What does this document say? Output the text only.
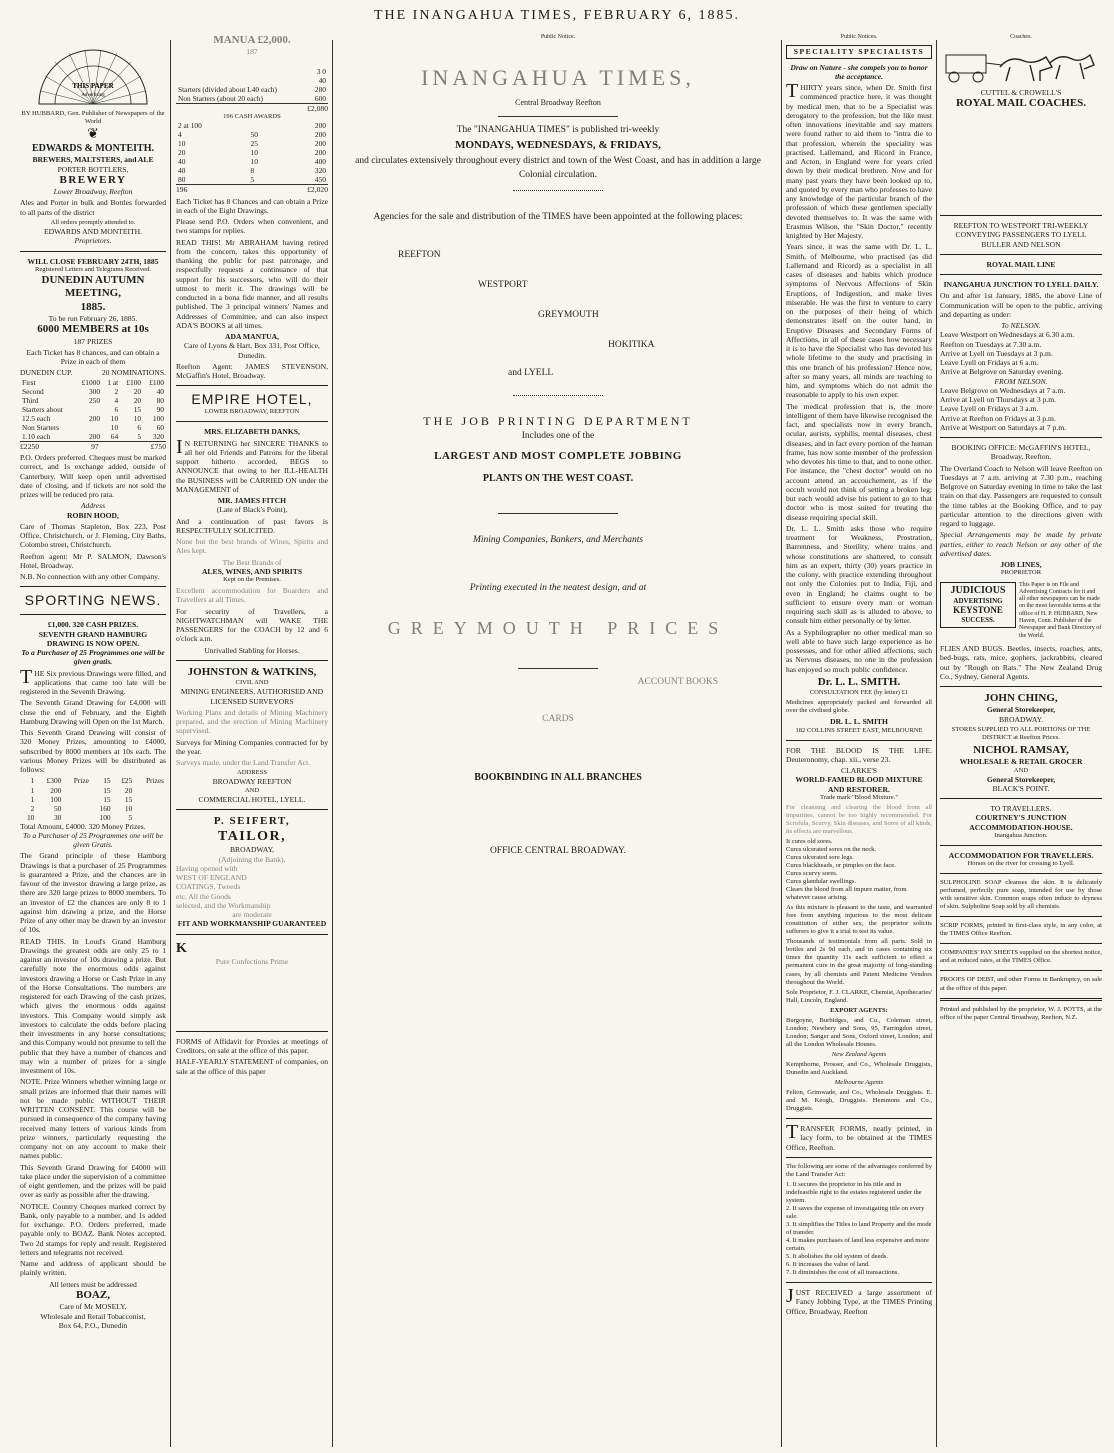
THE INANGAHUA TIMES, FEBRUARY 6, 1885.
THIS PAPER
Advertising
BY HUBBARD, Gen. Publisher of Newspapers of the World
❦
EDWARDS & MONTEITH.
BREWERS, MALTSTERS, and ALE
PORTER BOTTLERS,
BREWERY
Lower Broadway, Reefton

Ales and Porter in bulk and Bottles forwarded to all parts of the district

All orders promptly attended to.
EDWARDS AND MONTEITH.
Proprietors.
WILL CLOSE FEBRUARY 24TH, 1885
Registered Letters and Telegrams Received.
DUNEDIN AUTUMN MEETING,
1885.
To be run February 26, 1885.
6000 MEMBERS at 10s
187 PRIZES

Each Ticket has 8 chances, and can obtain a Prize in each of them

DUNEDIN CUP.	20 NOMINATIONS.
First	£1000	1 at	£100	£100
Second	300	2	20	40
Third	250	4	20	80
Starters about		6	15	90
12.5 each	200	10	10	100
Non Starters		10	6	60
1.10 each	200	64	5	320
£2250	97	£750

P.O. Orders preferred. Cheques must be marked correct, and 1s exchange added, outside of Canterbury. Will keep open until advertised date of closing, and if tickets are not sold the prizes will be reduced pro rata.

Address
ROBIN HOOD,

Care of Thomas Stapleton, Box 223, Post Office, Christchurch, or J. Fleming, City Baths, Colombo street, Christchurch.

Reefton agent: Mr P. SALMON, Dawson's Hotel, Broadway.

N.B. No connection with any other Company.

SPORTING NEWS.
£1,000. 320 CASH PRIZES.
SEVENTH GRAND HAMBURG DRAWING IS NOW OPEN.
To a Purchaser of 25 Programmes one will be given gratis.

THE Six previous Drawings were filled, and applications that came too late will be registered in the Seventh Drawing.

The Seventh Grand Drawing for £4,000 will close the end of February, and the Eighth Hamburg Drawing will Open on the 1st March.

This Seventh Grand Drawing will consist of 320 Money Prizes, amounting to £4000, subscribed by 8000 members at 10s each. The various Money Prizes will be distributed as follows:

1	£300	Prize	15	£25	Prizes
1	200		15	20	
1	100		15	15	
2	50		160	10	
10	30		100	5	
Total Amount, £4000. 320 Money Prizes.
To a Purchaser of 25 Programmes one will be given Gratis.

The Grand principle of these Hamburg Drawings is that a purchaser of 25 Programmes is guaranteed a Prize, and the chances are in favour of the investor drawing a large prize, as there are 320 large prizes to 8000 members. To an investor of £2 the chances are only 8 to 1 against him drawing a prize, and the Horse Prize of any other may be drawn by an investor of 10s.

READ THIS. In Loud's Grand Hamburg Drawings the greatest odds are only 25 to 1 against an investor of 10s drawing a prize. But carefully note the enormous odds against investors drawing a Horse or Cash Prize in any of the Horse Consultations. The numbers are registered for each Drawing of the cash prizes, which gives the enormous odds against investors. This Company would simply ask investors to calculate the odds before placing their investments in any horse consultations; and this Company would not presume to tell the public that they have a number of chances and may win a number of prizes for a single investment of 10s.

NOTE. Prize Winners whether winning large or small prizes are informed that their names will not be made public WITHOUT THEIR WRITTEN CONSENT. This course will be pursued in consequence of the company having received many letters of various kinds from prize winners, particularly requesting the company not on any account to make their names public.

This Seventh Grand Drawing for £4000 will take place under the supervision of a committee of eight gentlemen, and the prizes will be paid over as early as possible after the drawing.

NOTICE. Country Cheques marked correct by Bank, only payable to a number, and 1s added for exchange. P.O. Orders preferred, made payable only to BOAZ. Bank Notes accepted. Two 2d stamps for reply and result. Registered letters and telegrams not received.

Name and address of applicant should be plainly written.

All letters must be addressed
BOAZ,
Care of Mr MOSELY,
Wholesale and Retail Tobacconist,
Box 64, P.O., Dunedin
MANUA £2,000.
187
			3 0
			40
Starters (divided about L40 each)			280
Non Starters (about 20 each)			600
£2,080
196 CASH AWARDS
2 at 100			200
4	50		200
10	25		200
20	10		200
40	10		400
40	8		320
80	5		450
196	£2,020

Each Ticket has 8 Chances and can obtain a Prize in each of the Eight Drawings.

Please send P.O. Orders when convenient, and two stamps for replies.

READ THIS! Mr ABRAHAM having retired from the concern, takes this opportunity of thanking the public for past patronage, and respectfully requests a continuance of that support for his successors, who will do their utmost to merit it. The drawings will be conducted in a bona fide manner, and all results published. The 3 principal winners' Names and Addresses of Committee, and can also inspect ADA'S BOOKS at all times.

ADA MANTUA,
Care of Lyons & Hart, Box 331, Post Office, Dunedin.

Reefton Agent: JAMES STEVENSON, McGaffin's Hotel, Broadway.

EMPIRE HOTEL,
LOWER BROADWAY, REEFTON
MRS. ELIZABETH DANKS,

IN RETURNING her SINCERE THANKS to all her old Friends and Patrons for the liberal support hitherto accorded, BEGS to ANNOUNCE that owing to her ILL-HEALTH the BUSINESS will be CARRIED ON under the MANAGEMENT of

MR. JAMES FITCH
(Late of Black's Point),

And a continuation of past favors is RESPECTFULLY SOLICITED.

None but the best brands of Wines, Spirits and Ales kept.

The Best Brands of
ALES, WINES, AND SPIRITS
Kept on the Premises.

Excellent accommodation for Boarders and Travellers at all Times.

For security of Travellers, a NIGHTWATCHMAN will WAKE THE PASSENGERS for the COACH by 12 and 6 o'clock a.m.

Unrivalled Stabling for Horses.
JOHNSTON & WATKINS,
CIVIL AND
MINING ENGINEERS, AUTHORISED AND LICENSED SURVEYORS

Working Plans and details of Mining Machinery prepared, and the erection of Mining Machinery supervised.

Surveys for Mining Companies contracted for by the year.

Surveys made, under the Land Transfer Act.

ADDRESS
BROADWAY REEFTON
AND
COMMERCIAL HOTEL, LYELL.
P. SEIFERT,
TAILOR,
BROADWAY,
(Adjoining the Bank),
Having opened with
WEST OF ENGLAND
COATINGS, Tweeds
etc. All the Goods
selected, and the Workmanship
are moderate
FIT AND WORKMANSHIP GUARANTEED
K
Pure Confections Prime

FORMS of Affidavit for Proxies at meetings of Creditors, on sale at the office of this paper.

HALF-YEARLY STATEMENT of companies, on sale at the office of this paper

Public Notice.
INANGAHUA TIMES,
Central Broadway Reefton
The "INANGAHUA TIMES" is published tri-weekly
MONDAYS, WEDNESDAYS, & FRIDAYS,
and circulates extensively throughout every district and town of the West Coast, and has in addition a large
Colonial circulation.
Agencies for the sale and distribution of the TIMES have been appointed at the following places:
REEFTON
WESTPORT
GREYMOUTH
HOKITIKA
and LYELL
THE JOB PRINTING DEPARTMENT
Includes one of the
LARGEST AND MOST COMPLETE JOBBING
PLANTS ON THE WEST COAST.
Mining Companies, Bankers, and Merchants
Printing executed in the neatest design, and at
GREYMOUTH PRICES
ACCOUNT BOOKS
CARDS
BOOKBINDING IN ALL BRANCHES
OFFICE CENTRAL BROADWAY.
Public Notices.
SPECIALITY SPECIALISTS
Draw on Nature - she compels you to honor the acceptance.

THIRTY years since, when Dr. Smith first commenced practice here, it was thought by medical men, that to be a Specialist was derogatory to the profession, but the like must often innovations inevitable and say matters were found rather to aid them to "intra die to that profession, wherein the speciality was practised. Lallemand, and Ricord in France, and Acton, in England were for years cried down by their medical brethren. Now and for many past years they have been looked up to, and quoted by every man who professes to have any knowledge of the particular branch of the profession of which these gentlemen specially devoted themselves to. It was the same with Erasmus Wilson, the "Skin Doctor," recently knighted by Her Majesty.

Years since, it was the same with Dr. L. L. Smith, of Melbourne, who practised (as did Lallemand and Ricord) as a specialist in all cases of diseases and habits which produce symptoms of Nervous Affections of Skin Eruptions, of Indigestion, and make lives miserable. He was the first to venture to carry on the purposes of their being of which demonstrates itself on the outer hand, in Eruptive Diseases and Secondary Forms of Affections, in all of these cases how necessary it is to have the Specialist who has devoted his whole lifetime to the study and practising in this one branch of his profession? Hence now, after so many years, all minds are teaching to him, and symptoms which do not admit the reasonable to apply to his own exper.

The medical profession that is, the more intelligent of them have likewise recognised the fact, and specialists now in every branch, ocular, aurists, syphilis, mental diseases, chest diseases, and in fact every portion of the human frame, has now some member of the profession who devotes his time to that, and to none other. For instance, the "chest doctor" would on no account attend an accouchement, as if the occult would not think of setting a broken leg; but each would advise his patient to go to that doctor who is most suited for treating the disease requiring special skill.

Dr. L. L. Smith asks those who require treatment for Weakness, Prostration, Barrenness, and Sterility, where trains and whose constitutions are shattered, to consult him as an expert, thirty (30) years practice in the colony, with practice extending throughout not only the Colonies put to India, Fiji, and even in England; he claims ought to be sufficient to ensure every man or woman requiring such skill as is alluded to above, to consult him either personally or by letter.

As a Syphilographer no other medical man so well able to have such large experience as he possesses, and for other allied affections, such as Nervous diseases, no one in the profession has enjoyed so much public confidence.

Dr. L. L. SMITH.
CONSULTATION FEE (by letter) £1

Medicines appropriately packed and forwarded all over the civilised globe.

DR. L. L. SMITH
182 COLLINS STREET EAST, MELBOURNE

FOR THE BLOOD IS THE LIFE. Deuteronomy, chap. xii., verse 23.

CLARKE'S
WORLD-FAMED BLOOD MIXTURE
AND RESTORER.
Trade mark "Blood Mixture."

For cleansing and clearing the blood from all impurities, cannot be too highly recommended. For Scrofula, Scurvy, Skin diseases, and Sores of all kinds, its effects are marvellous.

It cures old sores.
Cures ulcerated sores on the neck.
Cures ulcerated sore legs.
Cures blackheads, or pimples on the face.
Cures scurvy sores.
Cures glandular swellings.
Clears the blood from all impure matter, from whatever cause arising.

As this mixture is pleasant to the taste, and warranted free from anything injurious to the most delicate constitution of either sex, the proprietor solicits sufferers to give it a trial to test its value.

Thousands of testimonials from all parts. Sold in bottles and 2s 9d each, and in cases containing six times the quantity 11s each sufficient to effect a permanent cure in the great majority of long-standing cases, by all chemists and Patent Medicine Vendors throughout the World.

Sole Proprietor, F. J. CLARKE, Chemist, Apothecaries' Hall, Lincoln, England.

EXPORT AGENTS:

Burgoyne, Burbidges, and Co., Coleman street, London; Newbery and Sons, 95, Farringdon street, London; Sanger and Sons, Oxford street, London; and all the London Wholesale Houses.

New Zealand Agents

Kempthorne, Prosser, and Co., Wholesale Druggists, Dunedin and Auckland.

Melbourne Agents

Felton, Grimwade, and Co., Wholesale Druggists. E. and M. Keogh, Druggists. Hemmons and Co., Druggists.

TRANSFER FORMS, neatly printed, in lacy form, to be obtained at the TIMES Office, Reefton.

The following are some of the advantages conferred by the Land Transfer Act:

1. It secures the proprietor in his title and in indefeasible right to the estates registered under the system.
2. It saves the expense of investigating title on every sale.
3. It simplifies the Titles to land Property and the mode of transfer.
4. It makes purchases of land less expensive and more certain.
5. It abolishes the old system of deeds.
6. It increases the value of land.
7. It diminishes the cost of all transactions.

JUST RECEIVED a large assortment of Fancy Jobbing Type, at the TIMES Printing Office, Broadway, Reefton

Coaches.
CUTTEL & CROWELL'S
ROYAL MAIL COACHES.
REEFTON TO WESTPORT TRI-WEEKLY CONVEYING PASSENGERS TO LYELL BULLER AND NELSON
ROYAL MAIL LINE
INANGAHUA JUNCTION TO LYELL DAILY.

On and after 1st January, 1885, the above Line of Communication will be open to the public, arriving and departing as under:

To NELSON.
Leave Westport on Wednesdays at 6.30 a.m.
Reefton on Tuesdays at 7.30 a.m.
Arrive at Lyell on Tuesdays at 3 p.m.
Leave Lyell on Fridays at 6 a.m.
Arrive at Belgrove on Saturday evening.
FROM NELSON.
Leave Belgrove on Wednesdays at 7 a.m.
Arrive at Lyell on Thursdays at 3 p.m.
Leave Lyell on Fridays at 3 a.m.
Arrive at Reefton on Fridays at 3 p.m.
Arrive at Westport on Saturdays at 7 p.m.
BOOKING OFFICE: McGAFFIN'S HOTEL,
Broadway, Reefton.

The Overland Coach to Nelson will leave Reefton on Tuesdays at 7 a.m. arriving at 7.30 p.m., reaching Belgrove on Saturday evening in time to take the last train on that day. Passengers are requested to consult the time tables at the Booking Office, and to pay particular attention to the directions given with regard to luggage.

Special Arrangements may be made by private parties, either to reach Nelson or any other of the advertised dates.

JOB LINES,
PROPRIETOR
JUDICIOUS
ADVERTISING
KEYSTONE
SUCCESS.
This Paper is on File and Advertising Contracts for it and all other newspapers can be made on the most favorable terms at the office of H. P. HUBBARD, New Haven, Conn. Publisher of the Newspaper and Bank Directory of the World.

FLIES AND BUGS. Beetles, insects, roaches, ants, bed-bugs, rats, mice, gophers, jackrabbits, cleared out by "Rough on Rats." The New Zealand Drug Co., Sydney, General Agents.

JOHN CHING,
General Storekeeper,
BROADWAY.

STORES SUPPLIED TO ALL PORTIONS OF THE DISTRICT at Reefton Prices.

NICHOL RAMSAY,
WHOLESALE & RETAIL GROCER
AND
General Storekeeper,
BLACK'S POINT.
TO TRAVELLERS.
COURTNEY'S JUNCTION ACCOMMODATION-HOUSE.
Inangahua Junction.
ACCOMMODATION FOR TRAVELLERS.
Horses on the river for crossing to Lyell.

SULPHOLINE SOAP cleanses the skin. It is delicately perfumed, perfectly pure soap, intended for use by those with sensitive skin. Common soaps often induce to dryness of skin. Sulpholine Soap sold by all chemists.

SCRIP FORMS, printed in first-class style, in any color, at the TIMES Office Reefton.

COMPANIES' PAY SHEETS supplied on the shortest notice, and at reduced rates, at the TIMES Office.

PROOFS OF DEBT, and other Forms in Bankruptcy, on sale at the office of this paper.

Printed and published by the proprietor, W. J. POTTS, at the office of the paper Central Broadway, Reefton, N.Z.
